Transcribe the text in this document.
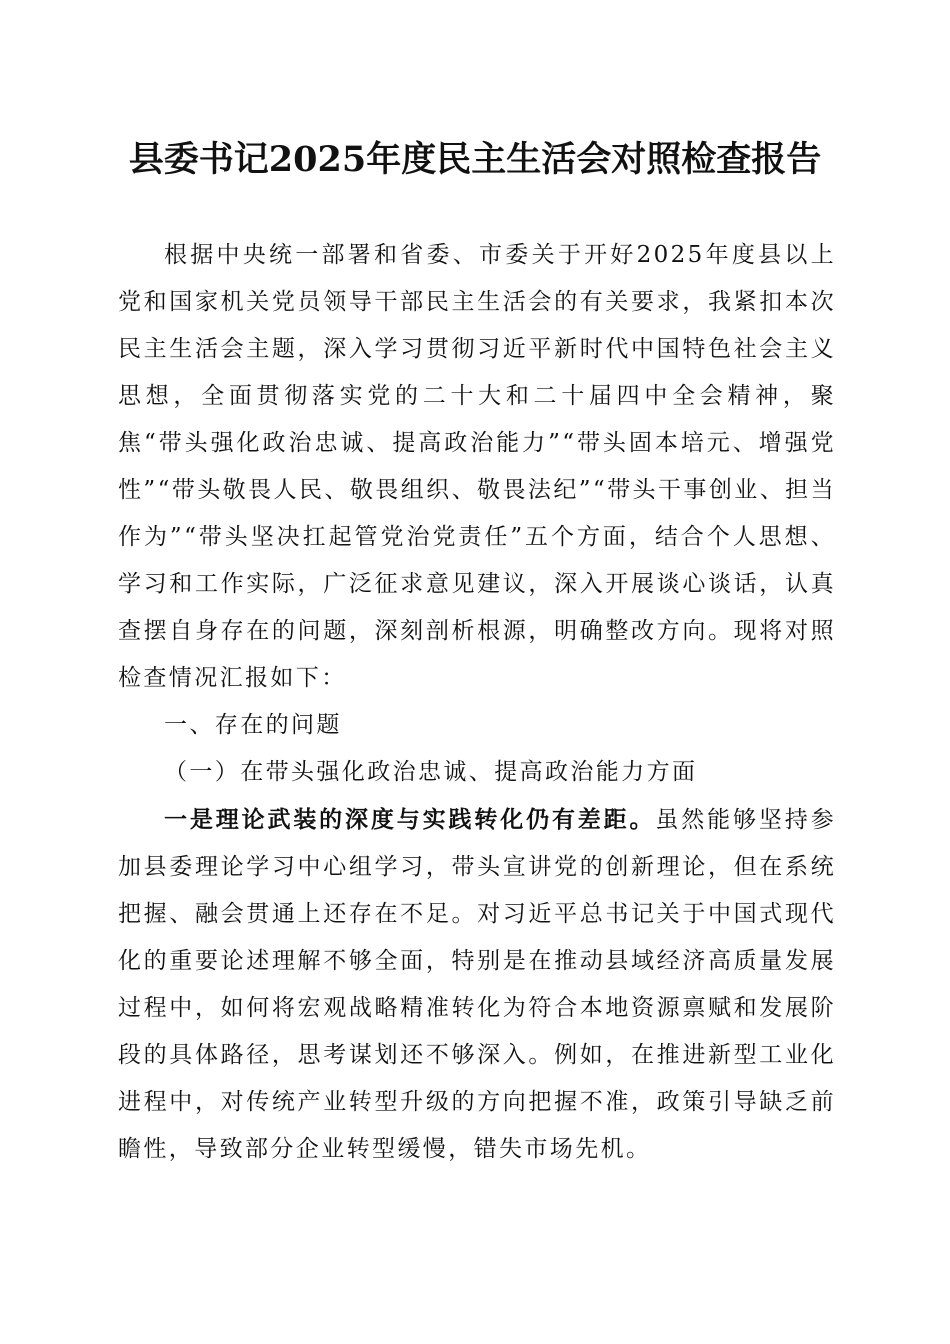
县委书记2025年度民主生活会对照检查报告

根据中央统一部署和省委、市委关于开好2025年度县以上党和国家机关党员领导干部民主生活会的有关要求，我紧扣本次民主生活会主题，深入学习贯彻习近平新时代中国特色社会主义思想，全面贯彻落实党的二十大和二十届四中全会精神，聚焦“带头强化政治忠诚、提高政治能力”“带头固本培元、增强党性”“带头敬畏人民、敬畏组织、敬畏法纪”“带头干事创业、担当作为”“带头坚决扛起管党治党责任”五个方面，结合个人思想、学习和工作实际，广泛征求意见建议，深入开展谈心谈话，认真查摆自身存在的问题，深刻剖析根源，明确整改方向。现将对照检查情况汇报如下：

一、存在的问题

（一）在带头强化政治忠诚、提高政治能力方面

一是理论武装的深度与实践转化仍有差距。虽然能够坚持参加县委理论学习中心组学习，带头宣讲党的创新理论，但在系统把握、融会贯通上还存在不足。对习近平总书记关于中国式现代化的重要论述理解不够全面，特别是在推动县域经济高质量发展过程中，如何将宏观战略精准转化为符合本地资源禀赋和发展阶段的具体路径，思考谋划还不够深入。例如，在推进新型工业化进程中，对传统产业转型升级的方向把握不准，政策引导缺乏前瞻性，导致部分企业转型缓慢，错失市场先机。
